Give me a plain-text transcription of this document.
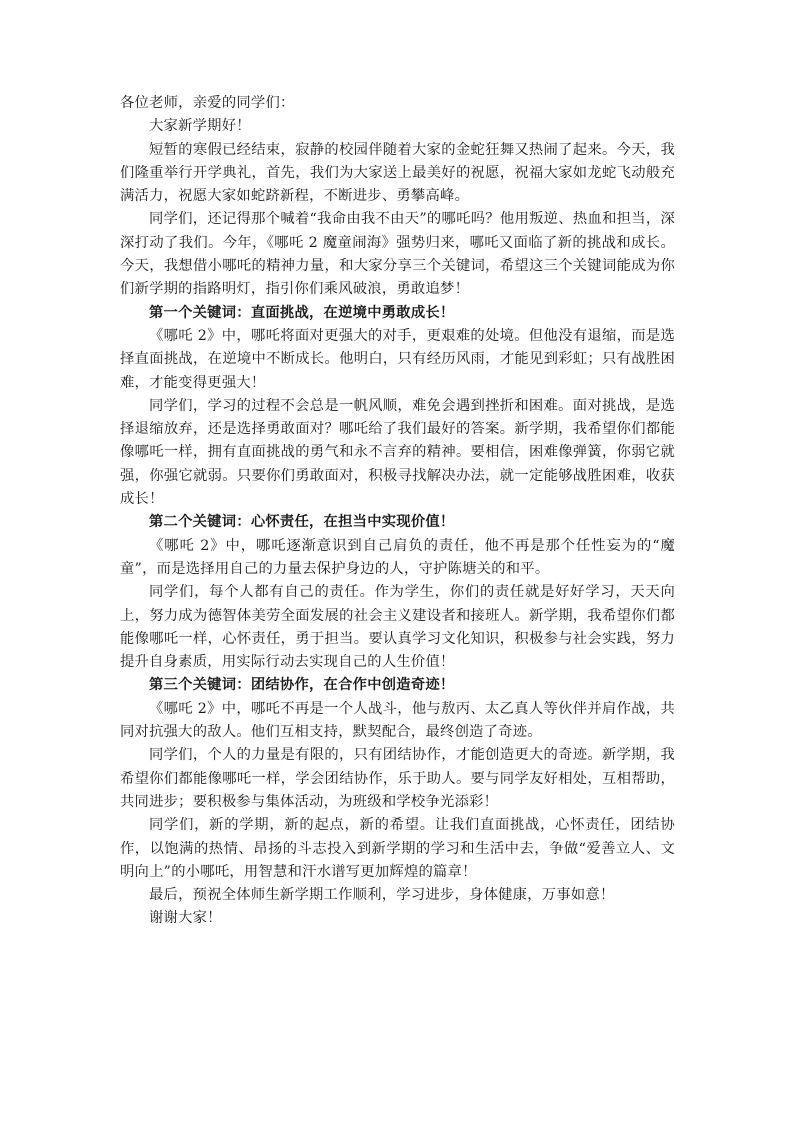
各位老师，亲爱的同学们：

大家新学期好！

短暂的寒假已经结束，寂静的校园伴随着大家的金蛇狂舞又热闹了起来。今天，我们隆重举行开学典礼，首先，我们为大家送上最美好的祝愿，祝福大家如龙蛇飞动般充满活力，祝愿大家如蛇跻新程，不断进步、勇攀高峰。

同学们，还记得那个喊着“我命由我不由天”的哪吒吗？他用叛逆、热血和担当，深深打动了我们。今年，《哪吒 2 魔童闹海》强势归来，哪吒又面临了新的挑战和成长。今天，我想借小哪吒的精神力量，和大家分享三个关键词，希望这三个关键词能成为你们新学期的指路明灯，指引你们乘风破浪，勇敢追梦！

第一个关键词：直面挑战，在逆境中勇敢成长！

《哪吒 2》中，哪吒将面对更强大的对手，更艰难的处境。但他没有退缩，而是选择直面挑战，在逆境中不断成长。他明白，只有经历风雨，才能见到彩虹；只有战胜困难，才能变得更强大！

同学们，学习的过程不会总是一帆风顺，难免会遇到挫折和困难。面对挑战，是选择退缩放弃，还是选择勇敢面对？哪吒给了我们最好的答案。新学期，我希望你们都能像哪吒一样，拥有直面挑战的勇气和永不言弃的精神。要相信，困难像弹簧，你弱它就强，你强它就弱。只要你们勇敢面对，积极寻找解决办法，就一定能够战胜困难，收获成长！

第二个关键词：心怀责任，在担当中实现价值！

《哪吒 2》中，哪吒逐渐意识到自己肩负的责任，他不再是那个任性妄为的“魔童”，而是选择用自己的力量去保护身边的人，守护陈塘关的和平。

同学们，每个人都有自己的责任。作为学生，你们的责任就是好好学习，天天向上，努力成为德智体美劳全面发展的社会主义建设者和接班人。新学期，我希望你们都能像哪吒一样，心怀责任，勇于担当。要认真学习文化知识，积极参与社会实践，努力提升自身素质，用实际行动去实现自己的人生价值！

第三个关键词：团结协作，在合作中创造奇迹！

《哪吒 2》中，哪吒不再是一个人战斗，他与敖丙、太乙真人等伙伴并肩作战，共同对抗强大的敌人。他们互相支持，默契配合，最终创造了奇迹。

同学们，个人的力量是有限的，只有团结协作，才能创造更大的奇迹。新学期，我希望你们都能像哪吒一样，学会团结协作，乐于助人。要与同学友好相处，互相帮助，共同进步；要积极参与集体活动，为班级和学校争光添彩！

同学们，新的学期，新的起点，新的希望。让我们直面挑战，心怀责任，团结协作，以饱满的热情、昂扬的斗志投入到新学期的学习和生活中去，争做“爱善立人、文明向上”的小哪吒，用智慧和汗水谱写更加辉煌的篇章！

最后，预祝全体师生新学期工作顺利，学习进步，身体健康，万事如意！

谢谢大家！
